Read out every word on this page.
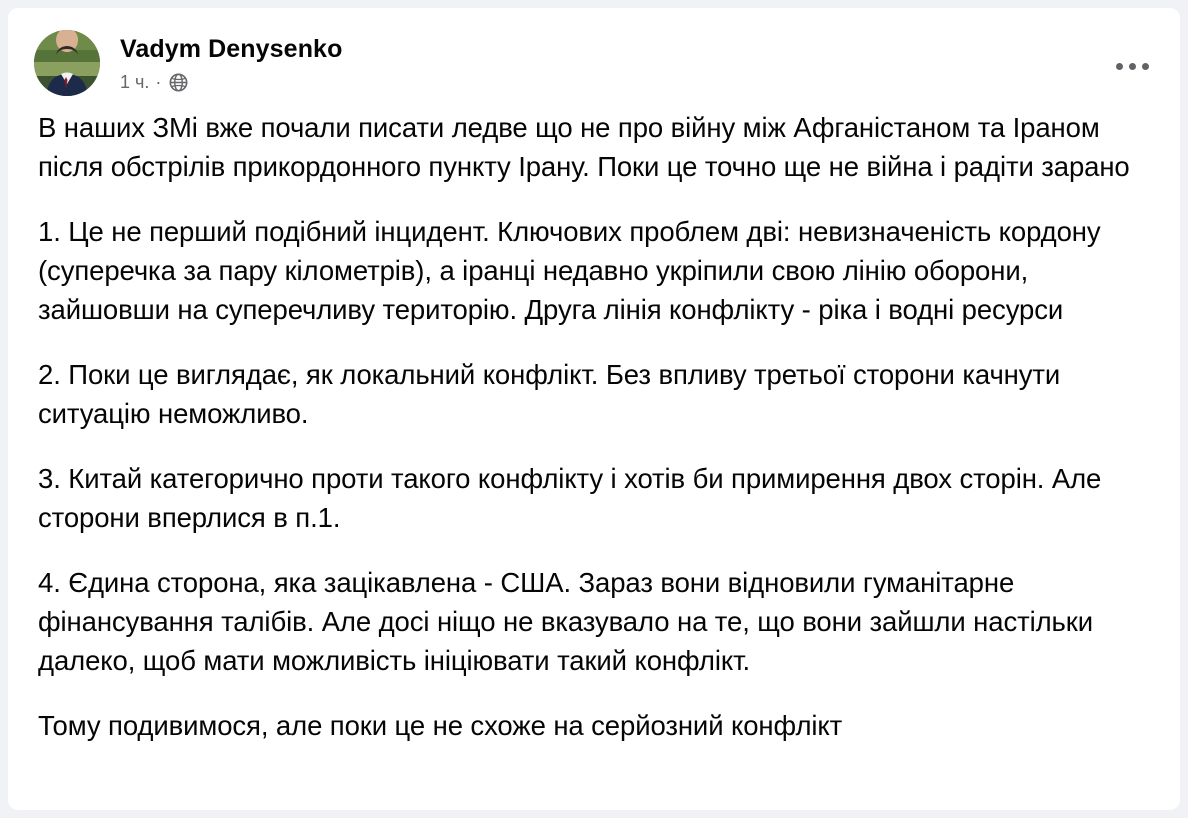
Vadym Denysenko
1 ч. ·

В наших ЗМі вже почали писати ледве що не про війну між Афганістаном та Іраном після обстрілів прикордонного пункту Ірану. Поки це точно ще не війна і радіти зарано

1. Це не перший подібний інцидент. Ключових проблем дві: невизначеність кордону (суперечка за пару кілометрів), а іранці недавно укріпили свою лінію оборони, зайшовши на суперечливу територію. Друга лінія конфлікту - ріка і водні ресурси

2. Поки це виглядає, як локальний конфлікт. Без впливу третьої сторони качнути ситуацію неможливо.

3. Китай категорично проти такого конфлікту і хотів би примирення двох сторін. Але сторони вперлися в п.1.

4. Єдина сторона, яка зацікавлена - США. Зараз вони відновили гуманітарне фінансування талібів. Але досі ніщо не вказувало на те, що вони зайшли настільки далеко, щоб мати можливість ініціювати такий конфлікт.

Тому подивимося, але поки це не схоже на серйозний конфлікт
